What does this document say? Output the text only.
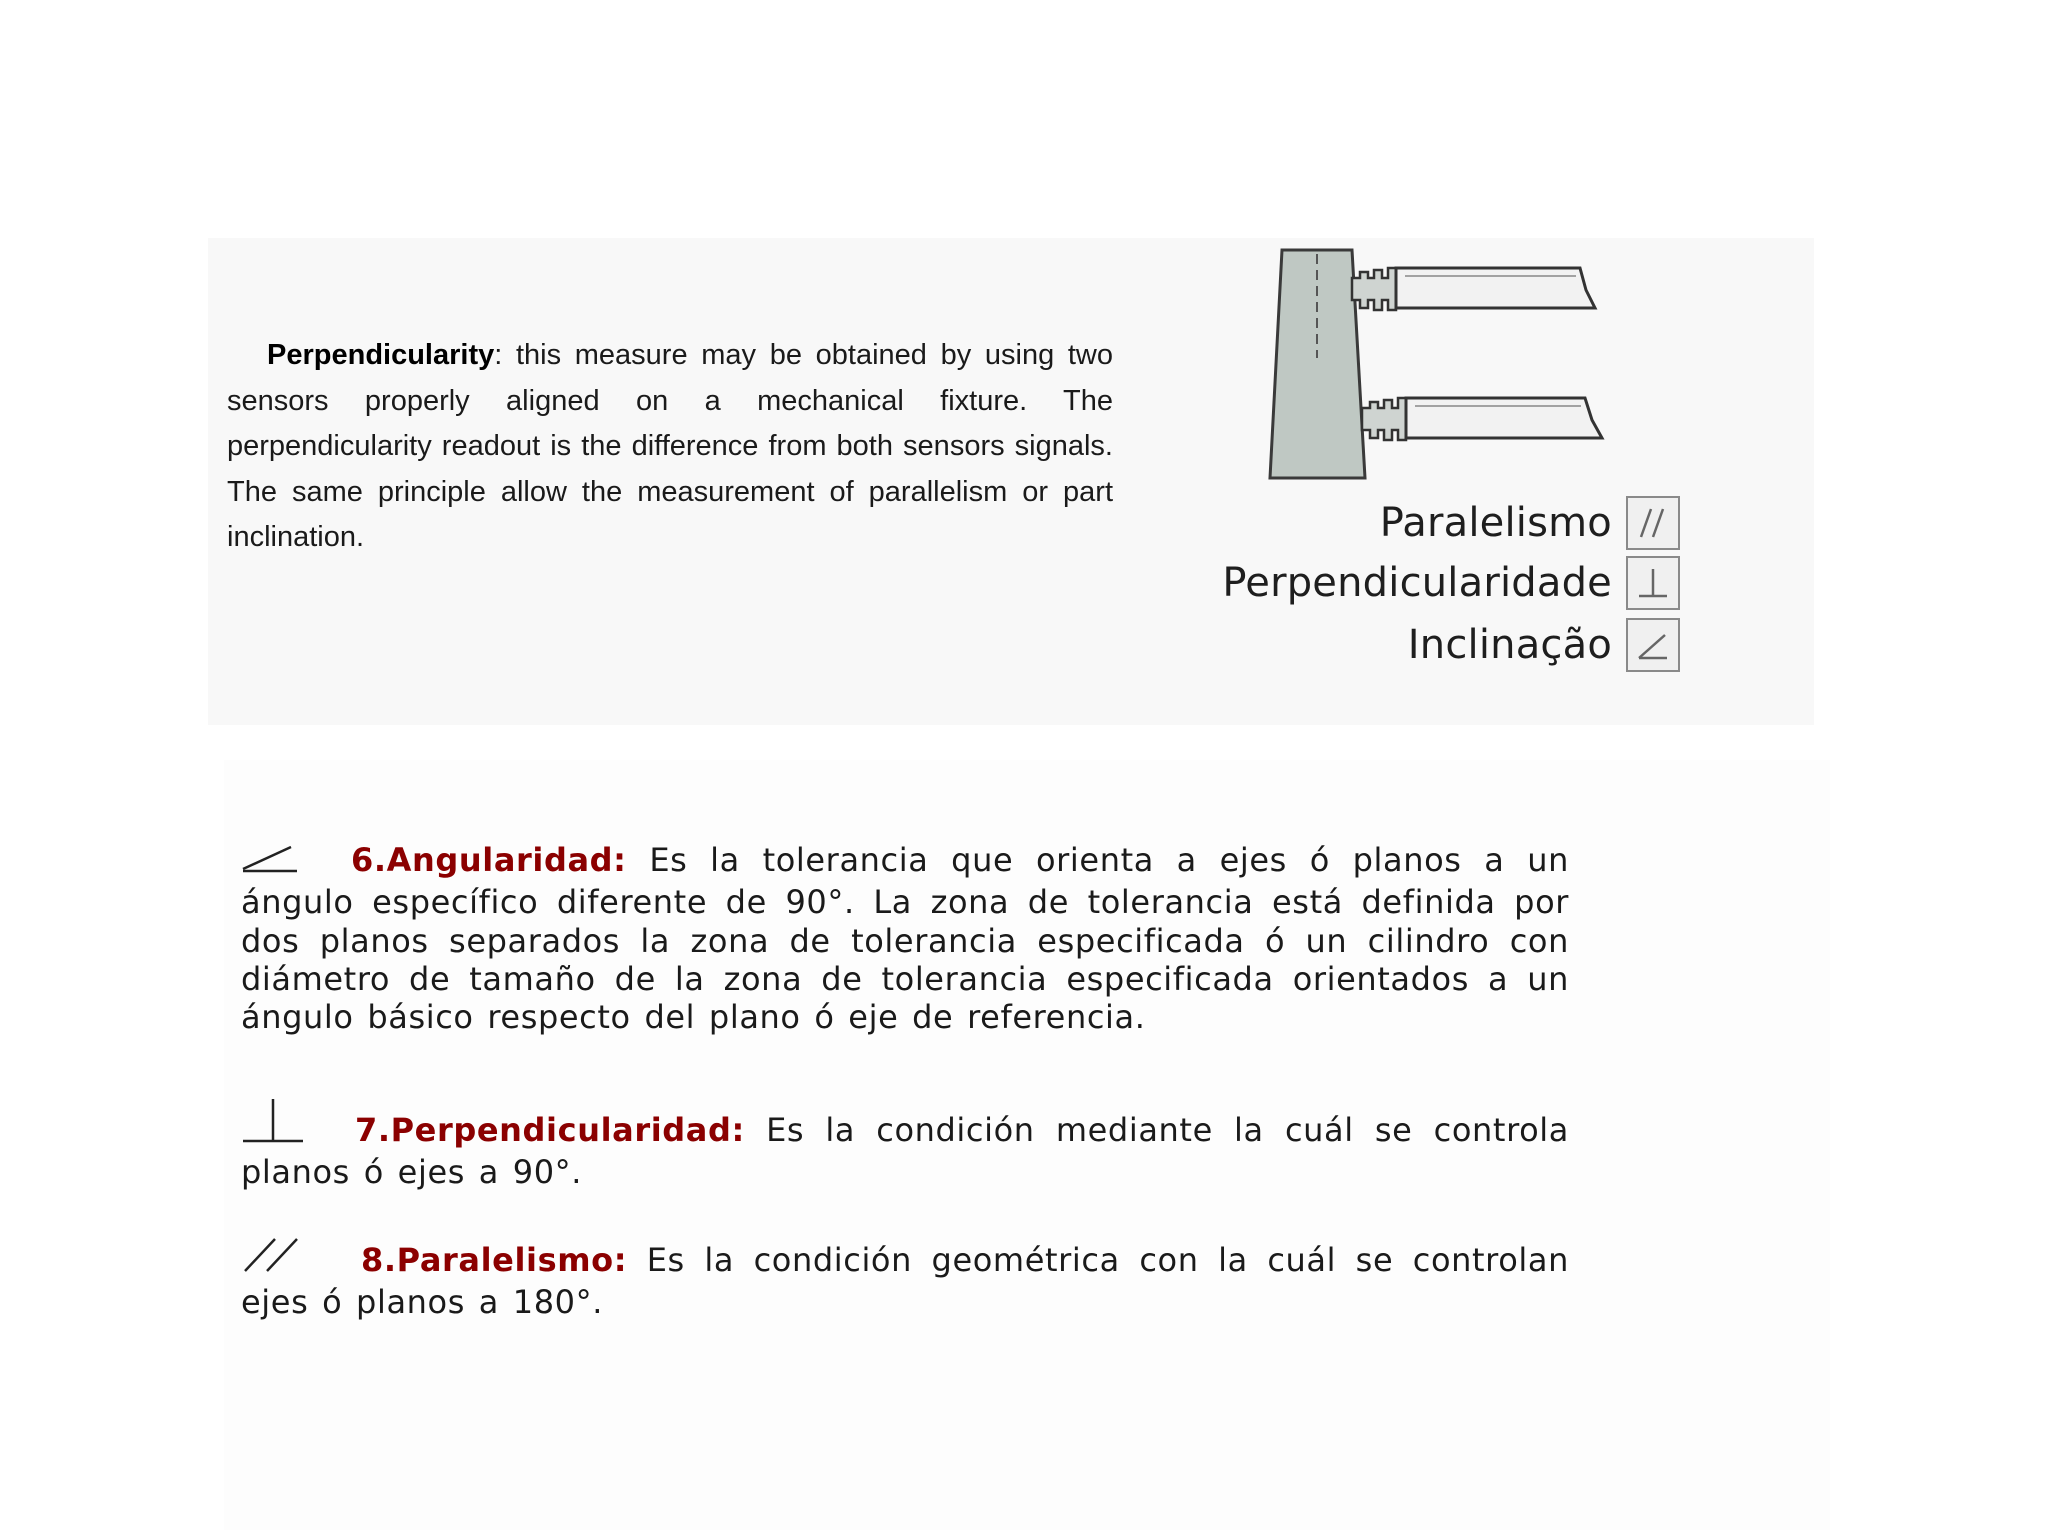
Perpendicularity: this measure may be obtained by using two sensors properly aligned on a mechanical fixture. The perpendicularity readout is the difference from both sensors signals. The same principle allow the measurement of parallelism or part inclination.	Paralelismo
Perpendicularidade
Inclinação

6.Angularidad: Es la tolerancia que orienta a ejes ó planos a un ángulo específico diferente de 90°. La zona de tolerancia está definida por dos planos separados la zona de tolerancia especificada ó un cilindro con diámetro de tamaño de la zona de tolerancia especificada orientados a un ángulo básico respecto del plano ó eje de referencia.

7.Perpendicularidad: Es la condición mediante la cuál se controla planos ó ejes a 90°.

8.Paralelismo: Es la condición geométrica con la cuál se controlan ejes ó planos a 180°.
